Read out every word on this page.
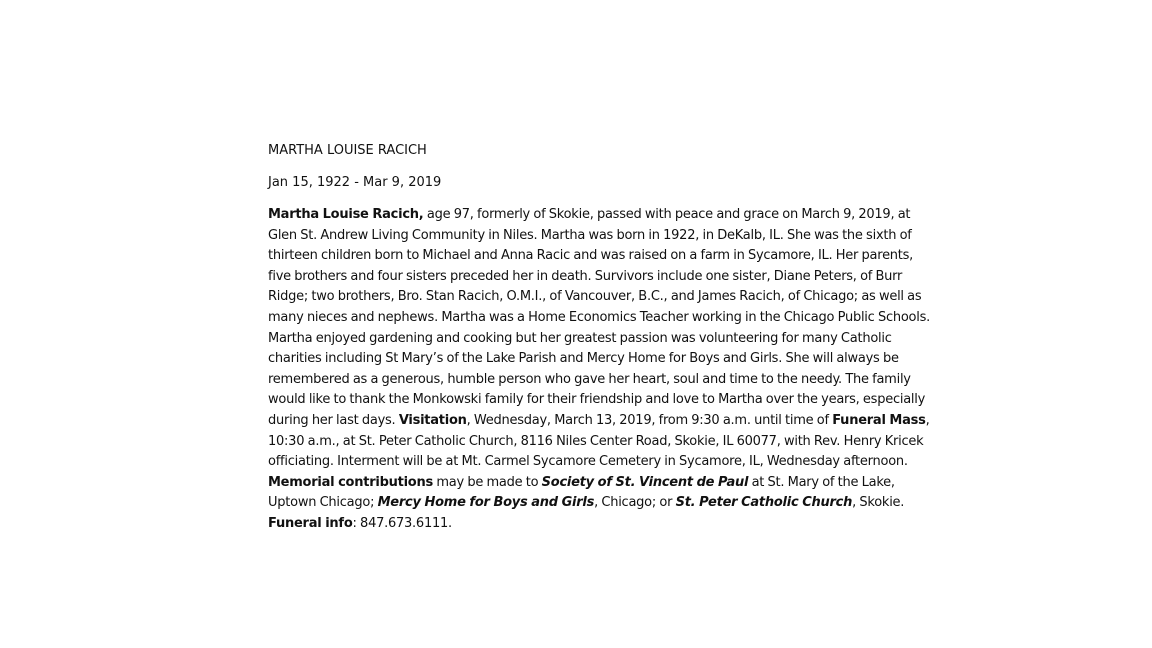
MARTHA LOUISE RACICH

Jan 15, 1922 - Mar 9, 2019

Martha Louise Racich, age 97, formerly of Skokie, passed with peace and grace on March 9, 2019, at Glen St. Andrew Living Community in Niles. Martha was born in 1922, in DeKalb, IL. She was the sixth of thirteen children born to Michael and Anna Racic and was raised on a farm in Sycamore, IL. Her parents, five brothers and four sisters preceded her in death. Survivors include one sister, Diane Peters, of Burr Ridge; two brothers, Bro. Stan Racich, O.M.I., of Vancouver, B.C., and James Racich, of Chicago; as well as many nieces and nephews. Martha was a Home Economics Teacher working in the Chicago Public Schools. Martha enjoyed gardening and cooking but her greatest passion was volunteering for many Catholic charities including St Mary’s of the Lake Parish and Mercy Home for Boys and Girls. She will always be remembered as a generous, humble person who gave her heart, soul and time to the needy. The family would like to thank the Monkowski family for their friendship and love to Martha over the years, especially during her last days. Visitation, Wednesday, March 13, 2019, from 9:30 a.m. until time of Funeral Mass, 10:30 a.m., at St. Peter Catholic Church, 8116 Niles Center Road, Skokie, IL 60077, with Rev. Henry Kricek officiating. Interment will be at Mt. Carmel Sycamore Cemetery in Sycamore, IL, Wednesday afternoon. Memorial contributions may be made to Society of St. Vincent de Paul at St. Mary of the Lake, Uptown Chicago; Mercy Home for Boys and Girls, Chicago; or St. Peter Catholic Church, Skokie. Funeral info: 847.673.6111.
